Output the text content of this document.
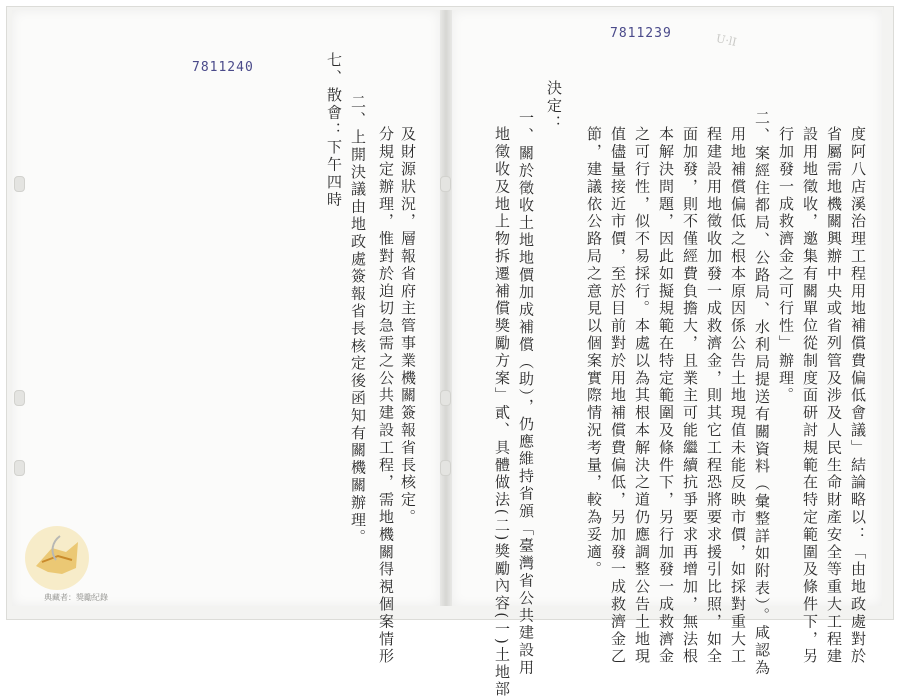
7811240
7811239	U·lI
七、散會：下午四時 二、上開決議由地政處簽報省長核定後函知有關機關辦理。 分規定辦理，惟對於迫切急需之公共建設工程，需地機關得視個案情形 及財源狀況，層報省府主管事業機關簽報省長核定。	度阿八店溪治理工程用地補償費偏低會議」結論略以：「由地政處對於
省屬需地機關興辦中央或省列管及涉及人民生命財產安全等重大工程建
設用地徵收，邀集有關單位從制度面研討規範在特定範圍及條件下，另
行加發一成救濟金之可行性」辦理。
二、案經住都局、公路局、水利局提送有關資料（彙整詳如附表）。咸認為
用地補償偏低之根本原因係公告土地現值未能反映市價，如採對重大工
程建設用地徵收加發一成救濟金，則其它工程恐將要求援引比照，如全
面加發，則不僅經費負擔大，且業主可能繼續抗爭要求再增加，無法根
本解決問題，因此如擬規範在特定範圍及條件下，另行加發一成救濟金
之可行性，似不易採行。本處以為其根本解決之道仍應調整公告土地現
值儘量接近市價，至於目前對於用地補償費偏低，另加發一成救濟金乙
節，建議依公路局之意見以個案實際情況考量，較為妥適。
決定：
一、關於徵收土地地價加成補償（助），仍應維持省頒「臺灣省公共建設用
地徵收及地上物拆遷補償獎勵方案」貳、具體做法(二)獎勵內容(一)土地部
典藏者：獎勵紀錄
